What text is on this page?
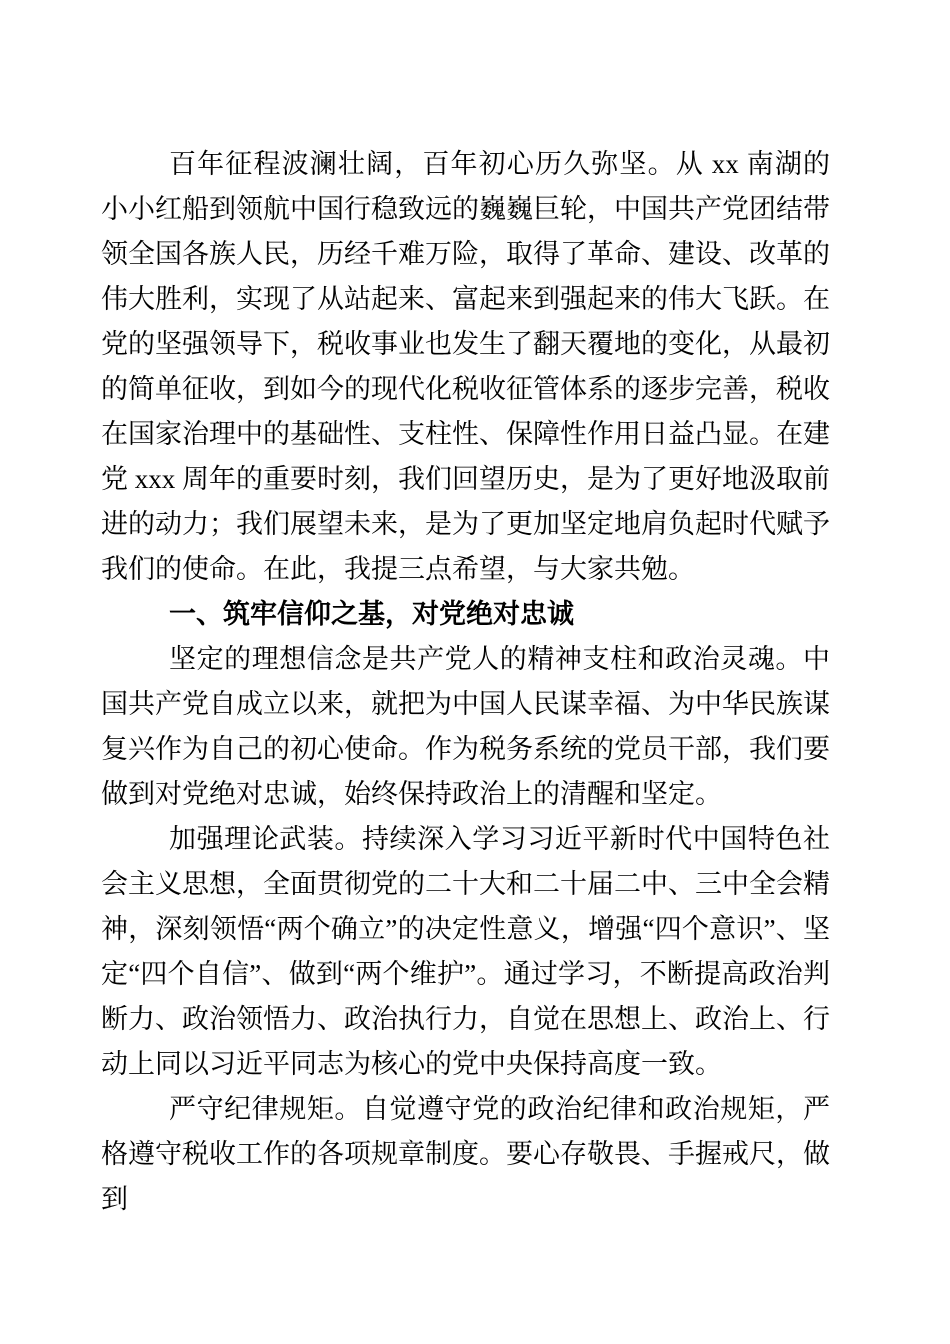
百年征程波澜壮阔，百年初心历久弥坚。从 xx 南湖的小小红船到领航中国行稳致远的巍巍巨轮，中国共产党团结带领全国各族人民，历经千难万险，取得了革命、建设、改革的伟大胜利，实现了从站起来、富起来到强起来的伟大飞跃。在党的坚强领导下，税收事业也发生了翻天覆地的变化，从最初的简单征收，到如今的现代化税收征管体系的逐步完善，税收在国家治理中的基础性、支柱性、保障性作用日益凸显。在建党 xxx 周年的重要时刻，我们回望历史，是为了更好地汲取前进的动力；我们展望未来，是为了更加坚定地肩负起时代赋予我们的使命。在此，我提三点希望，与大家共勉。

一、筑牢信仰之基，对党绝对忠诚

坚定的理想信念是共产党人的精神支柱和政治灵魂。中国共产党自成立以来，就把为中国人民谋幸福、为中华民族谋复兴作为自己的初心使命。作为税务系统的党员干部，我们要做到对党绝对忠诚，始终保持政治上的清醒和坚定。

加强理论武装。持续深入学习习近平新时代中国特色社会主义思想，全面贯彻党的二十大和二十届二中、三中全会精神，深刻领悟“两个确立”的决定性意义，增强“四个意识”、坚定“四个自信”、做到“两个维护”。通过学习，不断提高政治判断力、政治领悟力、政治执行力，自觉在思想上、政治上、行动上同以习近平同志为核心的党中央保持高度一致。

严守纪律规矩。自觉遵守党的政治纪律和政治规矩，严格遵守税收工作的各项规章制度。要心存敬畏、手握戒尺，做到
